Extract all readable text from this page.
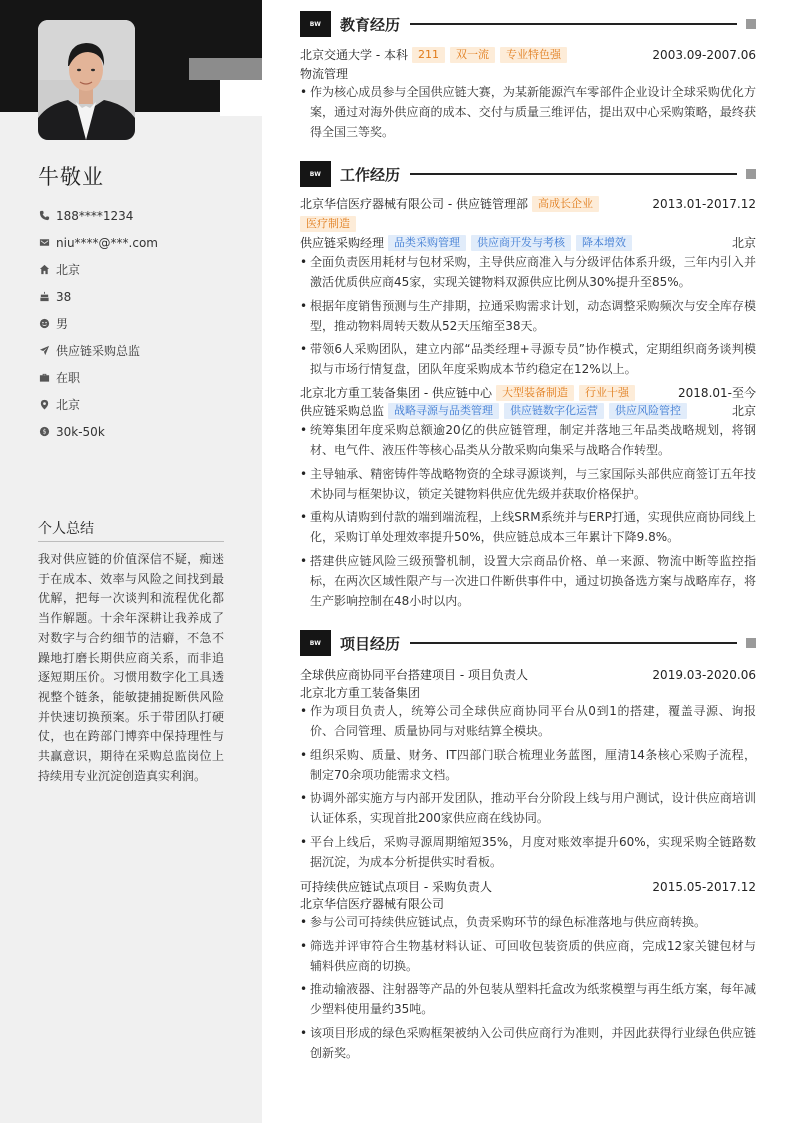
牛敬业
188****1234
niu****@***.com
北京
38
男
供应链采购总监
在职
北京
$ 30k-50k
个人总结
我对供应链的价值深信不疑，痴迷于在成本、效率与风险之间找到最优解，把每一次谈判和流程优化都当作解题。十余年深耕让我养成了对数字与合约细节的洁癖，不急不躁地打磨长期供应商关系，而非追逐短期压价。习惯用数字化工具透视整个链条，能敏捷捕捉断供风险并快速切换预案。乐于带团队打硬仗，也在跨部门博弈中保持理性与共赢意识，期待在采购总监岗位上持续用专业沉淀创造真实利润。
BW	教育经历
北京交通大学 - 本科 211	双一流	专业特色强	2003.09-2007.06
物流管理
• 作为核心成员参与全国供应链大赛，为某新能源汽车零部件企业设计全球采购优化方案，通过对海外供应商的成本、交付与质量三维评估，提出双中心采购策略，最终获得全国三等奖。
BW	工作经历
北京华信医疗器械有限公司 - 供应链管理部 高成长企业	2013.01-2017.12
医疗制造
供应链采购经理 品类采购管理	供应商开发与考核	降本增效	北京
• 全面负责医用耗材与包材采购，主导供应商准入与分级评估体系升级，三年内引入并激活优质供应商45家，实现关键物料双源供应比例从30%提升至85%。
• 根据年度销售预测与生产排期，拉通采购需求计划，动态调整采购频次与安全库存模型，推动物料周转天数从52天压缩至38天。
• 带领6人采购团队，建立内部“品类经理+寻源专员”协作模式，定期组织商务谈判模拟与市场行情复盘，团队年度采购成本节约稳定在12%以上。
北京北方重工装备集团 - 供应链中心 大型装备制造	行业十强	2018.01-至今
供应链采购总监 战略寻源与品类管理	供应链数字化运营	供应风险管控	北京
• 统筹集团年度采购总额逾20亿的供应链管理，制定并落地三年品类战略规划，将钢材、电气件、液压件等核心品类从分散采购向集采与战略合作转型。
• 主导轴承、精密铸件等战略物资的全球寻源谈判，与三家国际头部供应商签订五年技术协同与框架协议，锁定关键物料供应优先级并获取价格保护。
• 重构从请购到付款的端到端流程，上线SRM系统并与ERP打通，实现供应商协同线上化，采购订单处理效率提升50%，供应链总成本三年累计下降9.8%。
• 搭建供应链风险三级预警机制，设置大宗商品价格、单一来源、物流中断等监控指标，在两次区域性限产与一次进口件断供事件中，通过切换备选方案与战略库存，将生产影响控制在48小时以内。
BW	项目经历
全球供应商协同平台搭建项目 - 项目负责人	2019.03-2020.06
北京北方重工装备集团
• 作为项目负责人，统筹公司全球供应商协同平台从0到1的搭建，覆盖寻源、询报价、合同管理、质量协同与对账结算全模块。
• 组织采购、质量、财务、IT四部门联合梳理业务蓝图，厘清14条核心采购子流程，制定70余项功能需求文档。
• 协调外部实施方与内部开发团队，推动平台分阶段上线与用户测试，设计供应商培训认证体系，实现首批200家供应商在线协同。
• 平台上线后，采购寻源周期缩短35%，月度对账效率提升60%，实现采购全链路数据沉淀，为成本分析提供实时看板。
可持续供应链试点项目 - 采购负责人	2015.05-2017.12
北京华信医疗器械有限公司
• 参与公司可持续供应链试点，负责采购环节的绿色标准落地与供应商转换。
• 筛选并评审符合生物基材料认证、可回收包装资质的供应商，完成12家关键包材与辅料供应商的切换。
• 推动输液器、注射器等产品的外包装从塑料托盒改为纸浆模塑与再生纸方案，每年减少塑料使用量约35吨。
• 该项目形成的绿色采购框架被纳入公司供应商行为准则，并因此获得行业绿色供应链创新奖。
